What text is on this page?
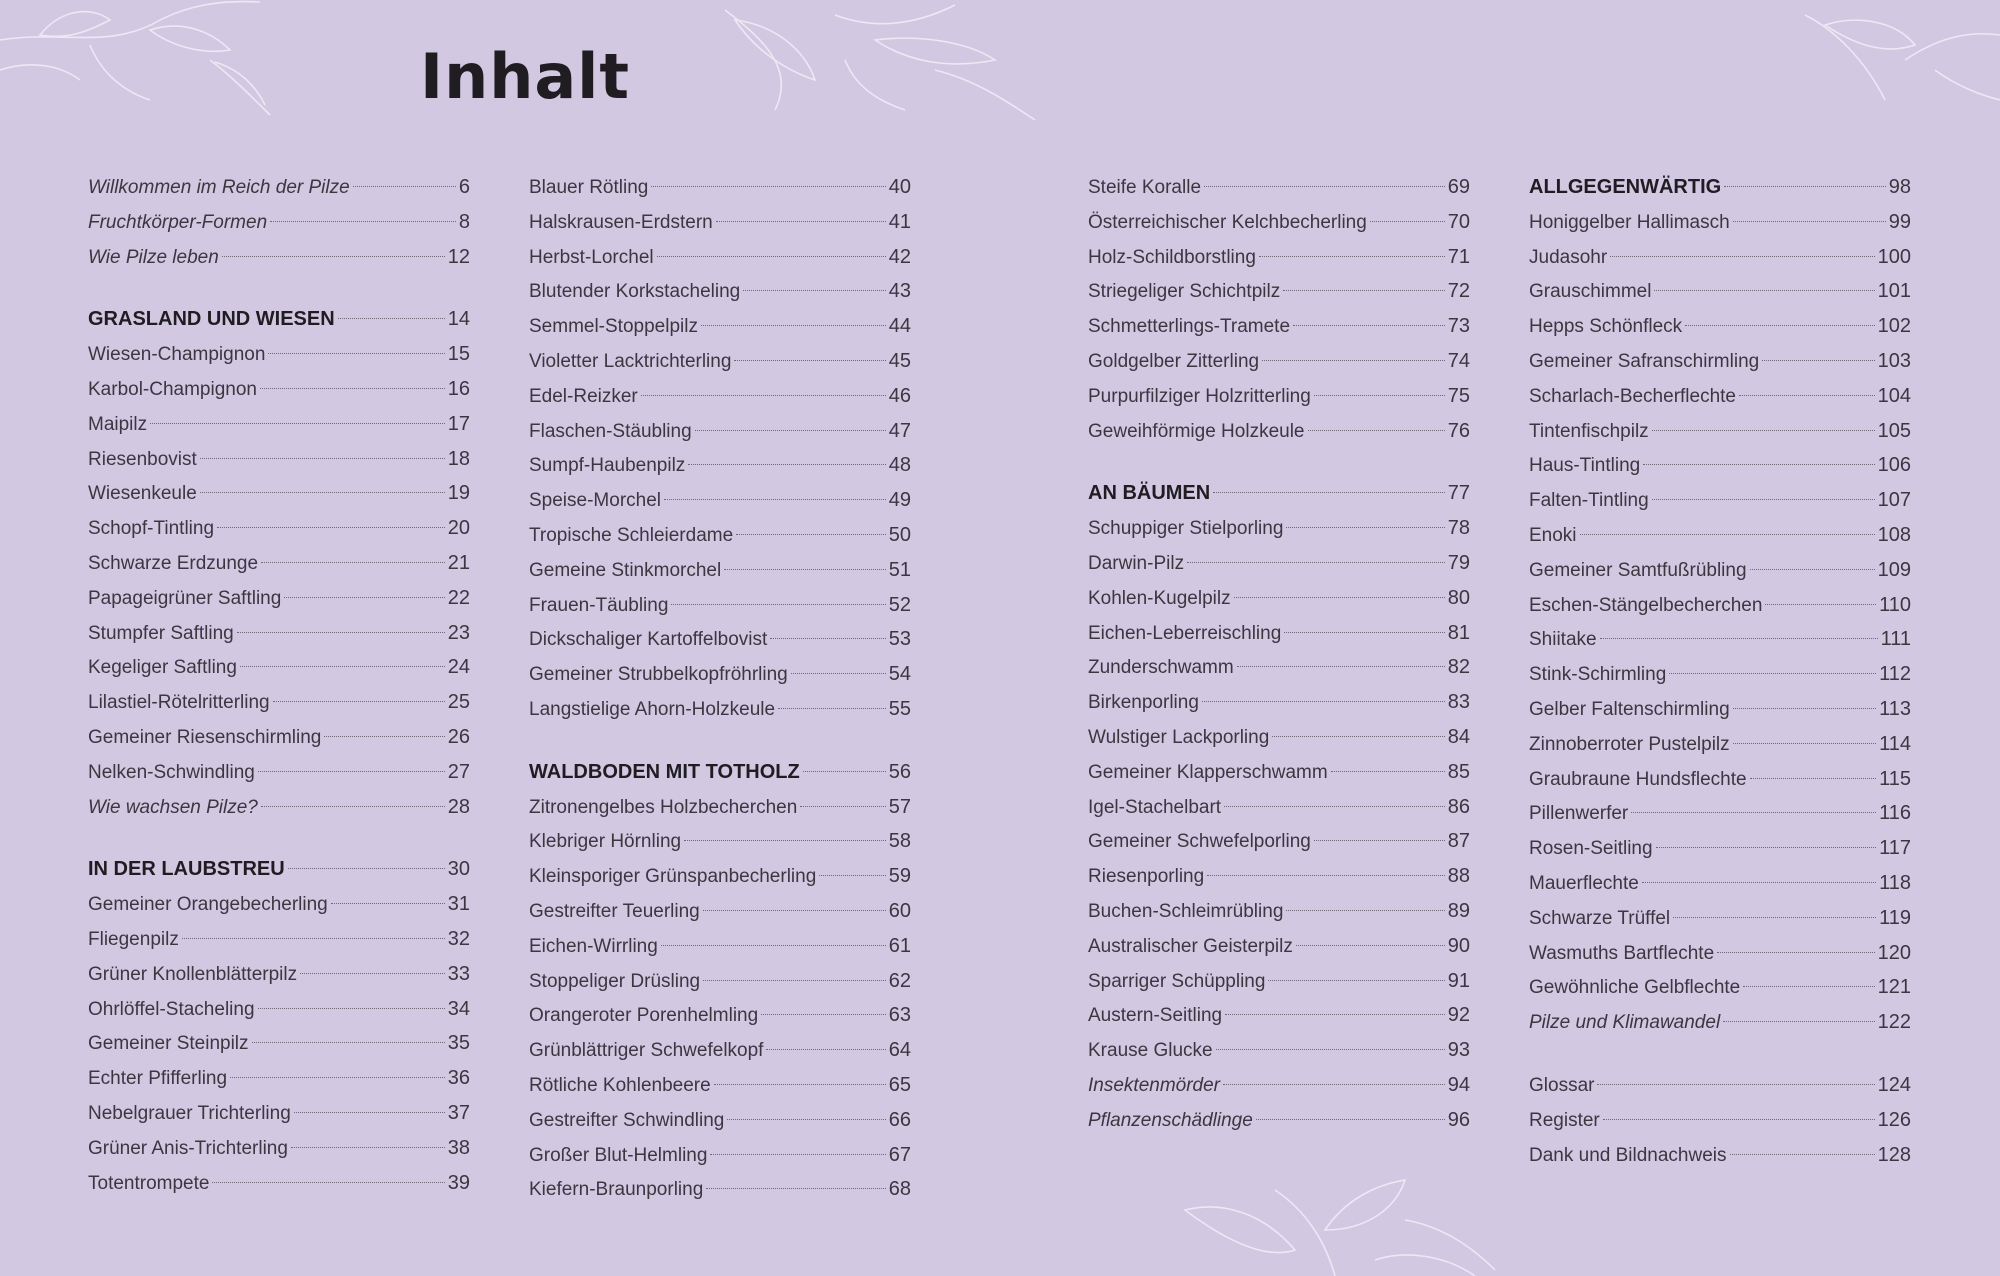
Inhalt
Willkommen im Reich der Pilze	6
Fruchtkörper-Formen	8
Wie Pilze leben	12
GRASLAND UND WIESEN	14
Wiesen-Champignon	15
Karbol-Champignon	16
Maipilz	17
Riesenbovist	18
Wiesenkeule	19
Schopf-Tintling	20
Schwarze Erdzunge	21
Papageigrüner Saftling	22
Stumpfer Saftling	23
Kegeliger Saftling	24
Lilastiel-Rötelritterling	25
Gemeiner Riesenschirmling	26
Nelken-Schwindling	27
Wie wachsen Pilze?	28
IN DER LAUBSTREU	30
Gemeiner Orangebecherling	31
Fliegenpilz	32
Grüner Knollenblätterpilz	33
Ohrlöffel-Stacheling	34
Gemeiner Steinpilz	35
Echter Pfifferling	36
Nebelgrauer Trichterling	37
Grüner Anis-Trichterling	38
Totentrompete	39
Blauer Rötling	40
Halskrausen-Erdstern	41
Herbst-Lorchel	42
Blutender Korkstacheling	43
Semmel-Stoppelpilz	44
Violetter Lacktrichterling	45
Edel-Reizker	46
Flaschen-Stäubling	47
Sumpf-Haubenpilz	48
Speise-Morchel	49
Tropische Schleierdame	50
Gemeine Stinkmorchel	51
Frauen-Täubling	52
Dickschaliger Kartoffelbovist	53
Gemeiner Strubbelkopfröhrling	54
Langstielige Ahorn-Holzkeule	55
WALDBODEN MIT TOTHOLZ	56
Zitronengelbes Holzbecherchen	57
Klebriger Hörnling	58
Kleinsporiger Grünspanbecherling	59
Gestreifter Teuerling	60
Eichen-Wirrling	61
Stoppeliger Drüsling	62
Orangeroter Porenhelmling	63
Grünblättriger Schwefelkopf	64
Rötliche Kohlenbeere	65
Gestreifter Schwindling	66
Großer Blut-Helmling	67
Kiefern-Braunporling	68
Steife Koralle	69
Österreichischer Kelchbecherling	70
Holz-Schildborstling	71
Striegeliger Schichtpilz	72
Schmetterlings-Tramete	73
Goldgelber Zitterling	74
Purpurfilziger Holzritterling	75
Geweihförmige Holzkeule	76
AN BÄUMEN	77
Schuppiger Stielporling	78
Darwin-Pilz	79
Kohlen-Kugelpilz	80
Eichen-Leberreischling	81
Zunderschwamm	82
Birkenporling	83
Wulstiger Lackporling	84
Gemeiner Klapperschwamm	85
Igel-Stachelbart	86
Gemeiner Schwefelporling	87
Riesenporling	88
Buchen-Schleimrübling	89
Australischer Geisterpilz	90
Sparriger Schüppling	91
Austern-Seitling	92
Krause Glucke	93
Insektenmörder	94
Pflanzenschädlinge	96
ALLGEGENWÄRTIG	98
Honiggelber Hallimasch	99
Judasohr	100
Grauschimmel	101
Hepps Schönfleck	102
Gemeiner Safranschirmling	103
Scharlach-Becherflechte	104
Tintenfischpilz	105
Haus-Tintling	106
Falten-Tintling	107
Enoki	108
Gemeiner Samtfußrübling	109
Eschen-Stängelbecherchen	110
Shiitake	111
Stink-Schirmling	112
Gelber Faltenschirmling	113
Zinnoberroter Pustelpilz	114
Graubraune Hundsflechte	115
Pillenwerfer	116
Rosen-Seitling	117
Mauerflechte	118
Schwarze Trüffel	119
Wasmuths Bartflechte	120
Gewöhnliche Gelbflechte	121
Pilze und Klimawandel	122
Glossar	124
Register	126
Dank und Bildnachweis	128
